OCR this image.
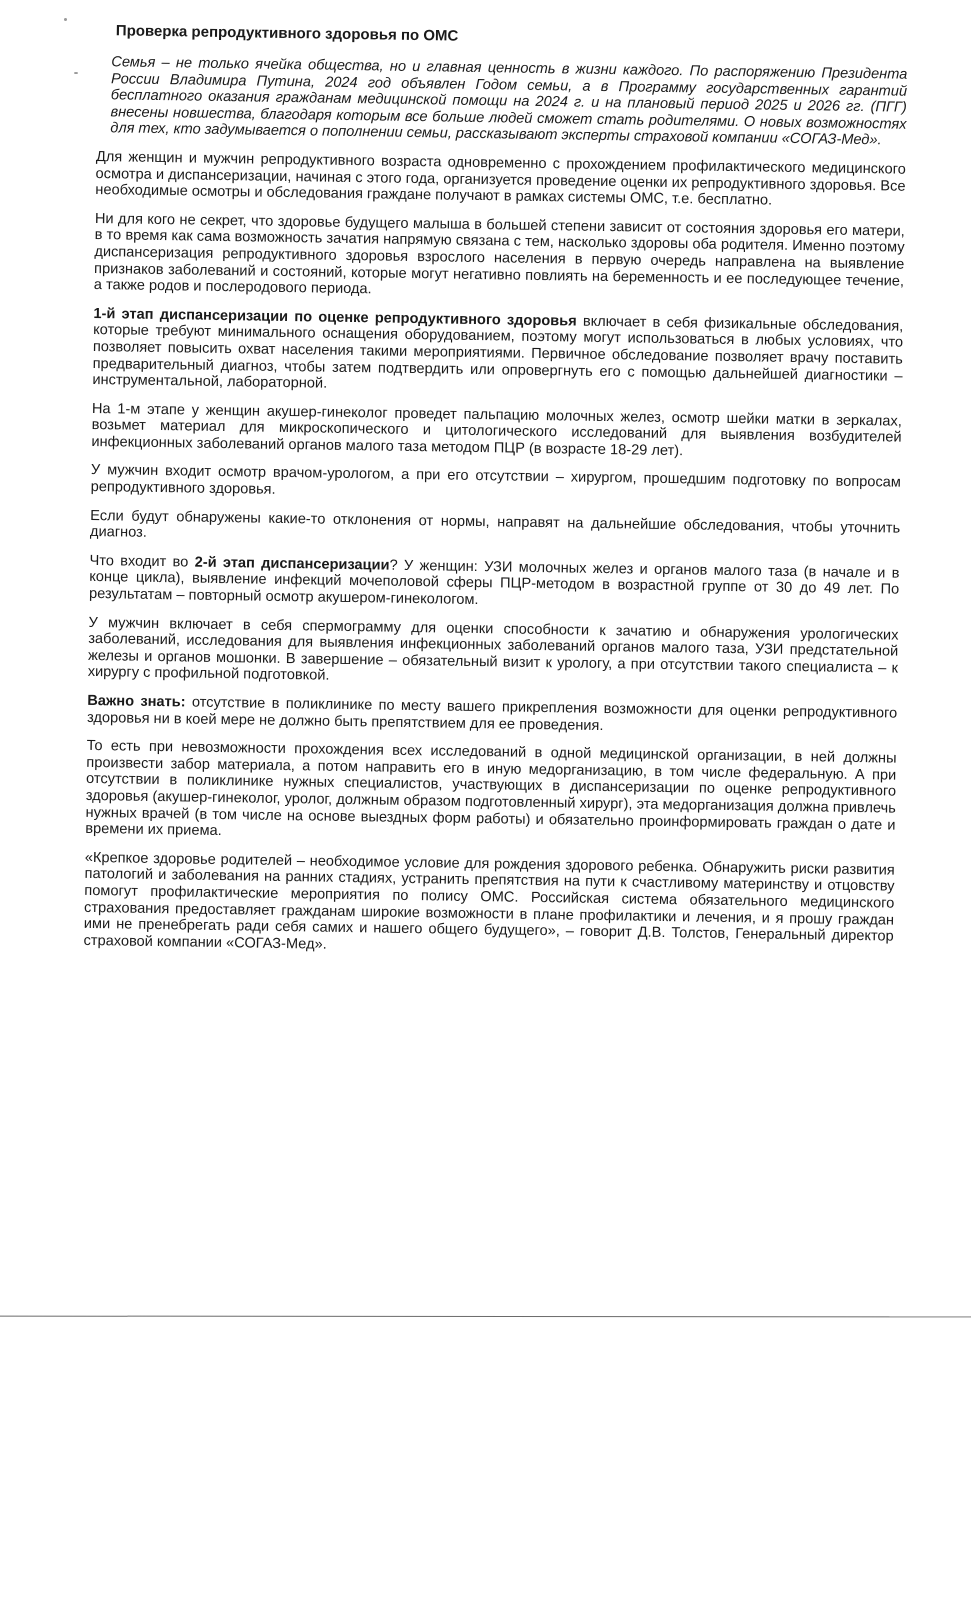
Проверка репродуктивного здоровья по ОМС

Семья – не только ячейка общества, но и главная ценность в жизни каждого. По распоряжению Президента России Владимира Путина, 2024 год объявлен Годом семьи, а в Программу государственных гарантий бесплатного оказания гражданам медицинской помощи на 2024 г. и на плановый период 2025 и 2026 гг. (ПГГ) внесены новшества, благодаря которым все больше людей сможет стать родителями. О новых возможностях для тех, кто задумывается о пополнении семьи, рассказывают эксперты страховой компании «СОГАЗ-Мед».

Для женщин и мужчин репродуктивного возраста одновременно с прохождением профилактического медицинского осмотра и диспансеризации, начиная с этого года, организуется проведение оценки их репродуктивного здоровья. Все необходимые осмотры и обследования граждане получают в рамках системы ОМС, т.е. бесплатно.

Ни для кого не секрет, что здоровье будущего малыша в большей степени зависит от состояния здоровья его матери, в то время как сама возможность зачатия напрямую связана с тем, насколько здоровы оба родителя. Именно поэтому диспансеризация репродуктивного здоровья взрослого населения в первую очередь направлена на выявление признаков заболеваний и состояний, которые могут негативно повлиять на беременность и ее последующее течение, а также родов и послеродового периода.

1-й этап диспансеризации по оценке репродуктивного здоровья включает в себя физикальные обследования, которые требуют минимального оснащения оборудованием, поэтому могут использоваться в любых условиях, что позволяет повысить охват населения такими мероприятиями. Первичное обследование позволяет врачу поставить предварительный диагноз, чтобы затем подтвердить или опровергнуть его с помощью дальнейшей диагностики – инструментальной, лабораторной.

На 1-м этапе у женщин акушер-гинеколог проведет пальпацию молочных желез, осмотр шейки матки в зеркалах, возьмет материал для микроскопического и цитологического исследований для выявления возбудителей инфекционных заболеваний органов малого таза методом ПЦР (в возрасте 18-29 лет).

У мужчин входит осмотр врачом-урологом, а при его отсутствии – хирургом, прошедшим подготовку по вопросам репродуктивного здоровья.

Если будут обнаружены какие-то отклонения от нормы, направят на дальнейшие обследования, чтобы уточнить диагноз.

Что входит во 2-й этап диспансеризации? У женщин: УЗИ молочных желез и органов малого таза (в начале и в конце цикла), выявление инфекций мочеполовой сферы ПЦР-методом в возрастной группе от 30 до 49 лет. По результатам – повторный осмотр акушером-гинекологом.

У мужчин включает в себя спермограмму для оценки способности к зачатию и обнаружения урологических заболеваний, исследования для выявления инфекционных заболеваний органов малого таза, УЗИ предстательной железы и органов мошонки. В завершение – обязательный визит к урологу, а при отсутствии такого специалиста – к хирургу с профильной подготовкой.

Важно знать: отсутствие в поликлинике по месту вашего прикрепления возможности для оценки репродуктивного здоровья ни в коей мере не должно быть препятствием для ее проведения.

То есть при невозможности прохождения всех исследований в одной медицинской организации, в ней должны произвести забор материала, а потом направить его в иную медорганизацию, в том числе федеральную. А при отсутствии в поликлинике нужных специалистов, участвующих в диспансеризации по оценке репродуктивного здоровья (акушер-гинеколог, уролог, должным образом подготовленный хирург), эта медорганизация должна привлечь нужных врачей (в том числе на основе выездных форм работы) и обязательно проинформировать граждан о дате и времени их приема.

«Крепкое здоровье родителей – необходимое условие для рождения здорового ребенка. Обнаружить риски развития патологий и заболевания на ранних стадиях, устранить препятствия на пути к счастливому материнству и отцовству помогут профилактические мероприятия по полису ОМС. Российская система обязательного медицинского страхования предоставляет гражданам широкие возможности в плане профилактики и лечения, и я прошу граждан ими не пренебрегать ради себя самих и нашего общего будущего», – говорит Д.В. Толстов, Генеральный директор страховой компании «СОГАЗ-Мед».
